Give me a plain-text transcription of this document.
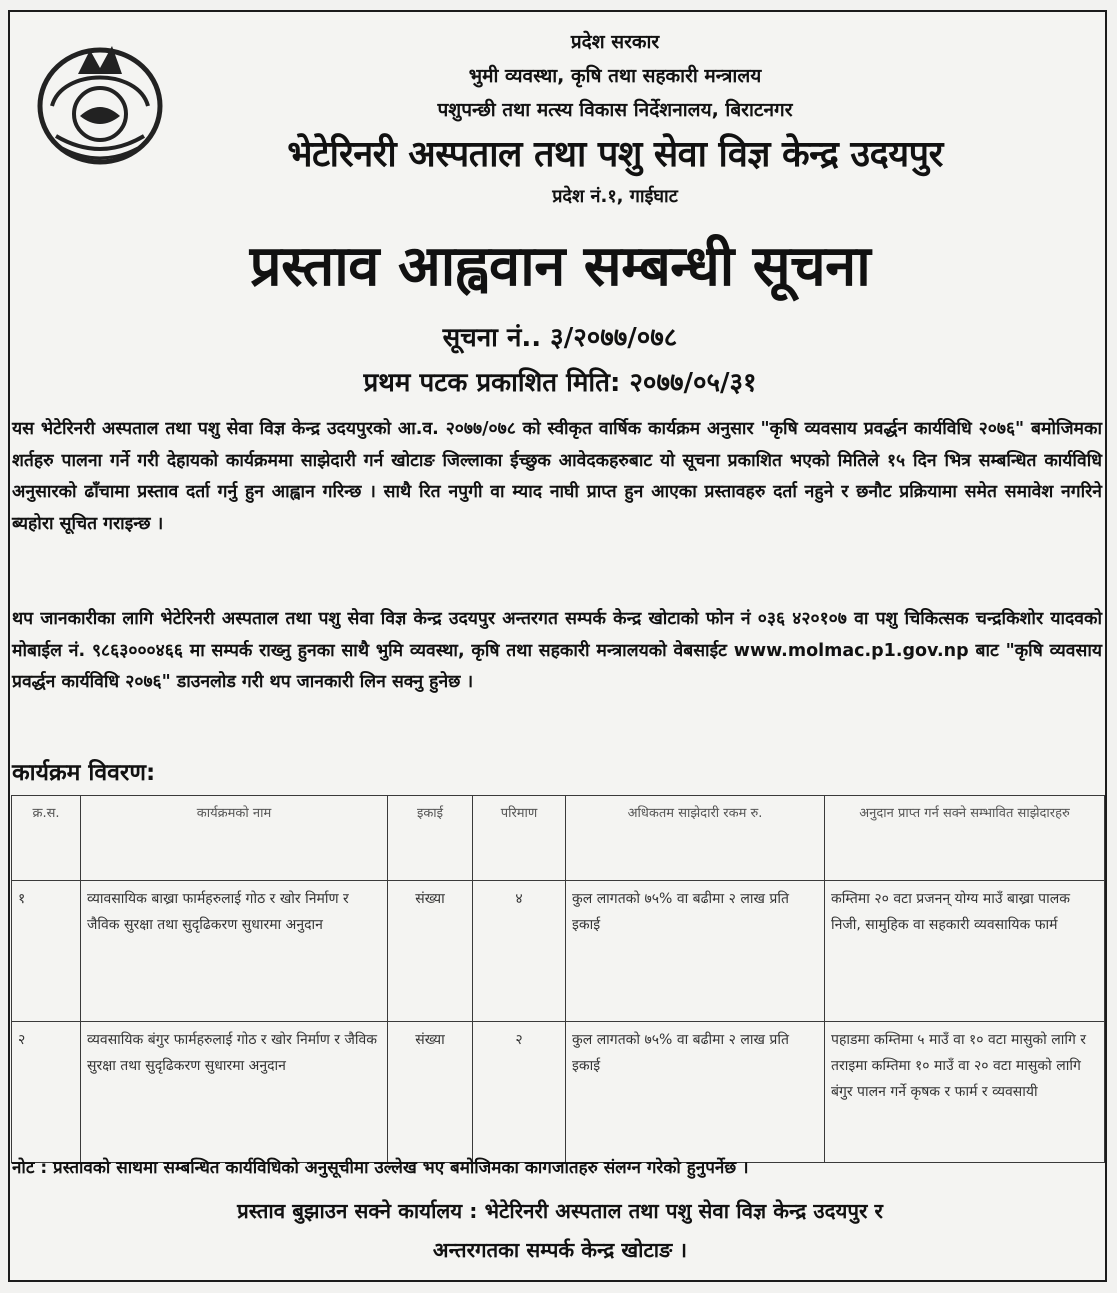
प्रदेश सरकार

भुमी व्यवस्था, कृषि तथा सहकारी मन्त्रालय

पशुपन्छी तथा मत्स्य विकास निर्देशनालय, बिराटनगर

भेटेरिनरी अस्पताल तथा पशु सेवा विज्ञ केन्द्र उदयपुर

प्रदेश नं.१, गाईघाट

प्रस्ताव आह्ववान सम्बन्धी सूचना

सूचना नं.. ३/२०७७/०७८

प्रथम पटक प्रकाशित मिति: २०७७/०५/३१

यस भेटेरिनरी अस्पताल तथा पशु सेवा विज्ञ केन्द्र उदयपुरको आ.व. २०७७/०७८ को स्वीकृत वार्षिक कार्यक्रम अनुसार "कृषि व्यवसाय प्रवर्द्धन कार्यविधि २०७६" बमोजिमका शर्तहरु पालना गर्ने गरी देहायको कार्यक्रममा साझेदारी गर्न खोटाङ जिल्लाका ईच्छुक आवेदकहरुबाट यो सूचना प्रकाशित भएको मितिले १५ दिन भित्र सम्बन्धित कार्यविधि अनुसारको ढाँचामा प्रस्ताव दर्ता गर्नु हुन आह्वान गरिन्छ । साथै रित नपुगी वा म्याद नाघी प्राप्त हुन आएका प्रस्तावहरु दर्ता नहुने र छनौट प्रक्रियामा समेत समावेश नगरिने ब्यहोरा सूचित गराइन्छ ।

थप जानकारीका लागि भेटेरिनरी अस्पताल तथा पशु सेवा विज्ञ केन्द्र उदयपुर अन्तरगत सम्पर्क केन्द्र खोटाको फोन नं ०३६ ४२०१०७ वा पशु चिकित्सक चन्द्रकिशोर यादवको मोबाईल नं. ९८६३०००४६६ मा सम्पर्क राख्नु हुनका साथै भुमि व्यवस्था, कृषि तथा सहकारी मन्त्रालयको वेबसाईट www.molmac.p1.gov.np बाट "कृषि व्यवसाय प्रवर्द्धन कार्यविधि २०७६" डाउनलोड गरी थप जानकारी लिन सक्नु हुनेछ ।

कार्यक्रम विवरण:

क्र.स.	कार्यक्रमको नाम	इकाई	परिमाण	अधिकतम साझेदारी रकम रु.	अनुदान प्राप्त गर्न सक्ने सम्भावित साझेदारहरु
१	व्यावसायिक बाख्रा फार्महरुलाई गोठ र खोर निर्माण र जैविक सुरक्षा तथा सुदृढिकरण सुधारमा अनुदान	संख्या	४	कुल लागतको ७५% वा बढीमा २ लाख प्रति इकाई	कम्तिमा २० वटा प्रजनन् योग्य माउँ बाख्रा पालक निजी, सामुहिक वा सहकारी व्यवसायिक फार्म
२	व्यवसायिक बंगुर फार्महरुलाई गोठ र खोर निर्माण र जैविक सुरक्षा तथा सुदृढिकरण सुधारमा अनुदान	संख्या	२	कुल लागतको ७५% वा बढीमा २ लाख प्रति इकाई	पहाडमा कम्तिमा ५ माउँ वा १० वटा मासुको लागि र तराइमा कम्तिमा १० माउँ वा २० वटा मासुको लागि बंगुर पालन गर्ने कृषक र फार्म र व्यवसायी

नोट : प्रस्तावको साथमा सम्बन्धित कार्यविधिको अनुसूचीमा उल्लेख भए बमोजिमका कागजातहरु संलग्न गरेको हुनुपर्नेछ ।

प्रस्ताव बुझाउन सक्ने कार्यालय : भेटेरिनरी अस्पताल तथा पशु सेवा विज्ञ केन्द्र उदयपुर र

अन्तरगतका सम्पर्क केन्द्र खोटाङ ।
